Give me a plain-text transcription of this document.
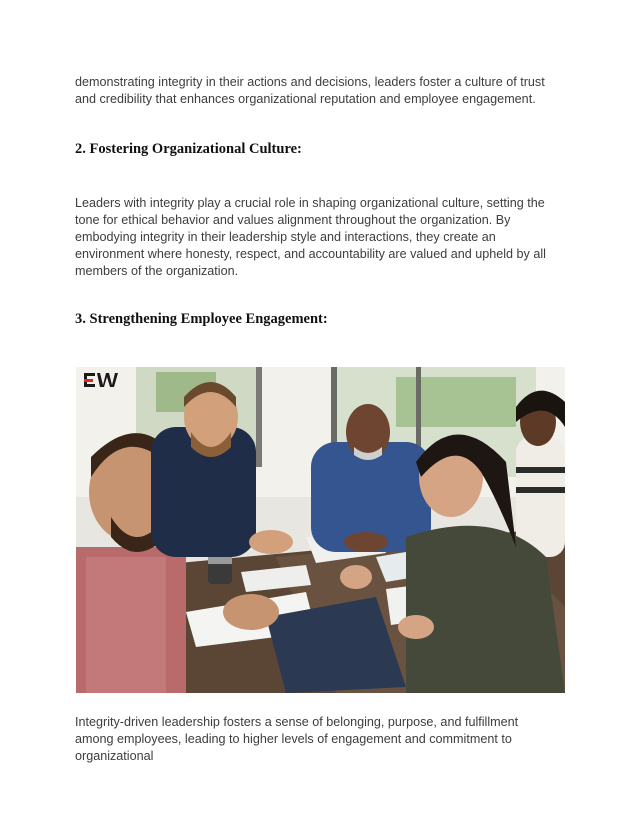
demonstrating integrity in their actions and decisions, leaders foster a culture of trust and credibility that enhances organizational reputation and employee engagement.

2. Fostering Organizational Culture:

Leaders with integrity play a crucial role in shaping organizational culture, setting the tone for ethical behavior and values alignment throughout the organization. By embodying integrity in their leadership style and interactions, they create an environment where honesty, respect, and accountability are valued and upheld by all members of the organization.

3. Strengthening Employee Engagement:
EW

Integrity-driven leadership fosters a sense of belonging, purpose, and fulfillment among employees, leading to higher levels of engagement and commitment to organizational
